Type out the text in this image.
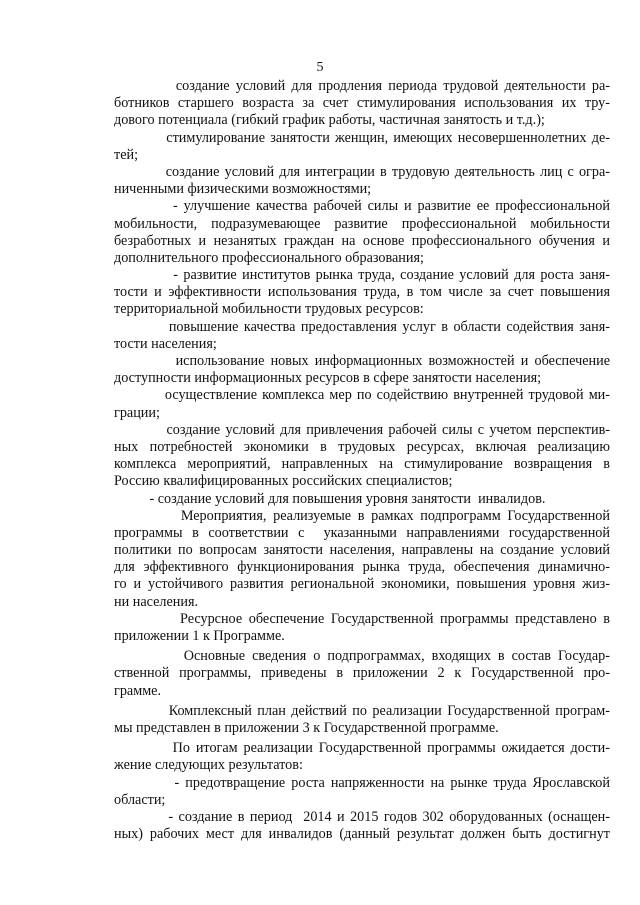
5
создание условий для продления периода трудовой деятельности ра-
ботников старшего возраста за счет стимулирования использования их тру-
дового потенциала (гибкий график работы, частичная занятость и т.д.);
стимулирование занятости женщин, имеющих несовершеннолетних де-
тей;
создание условий для интеграции в трудовую деятельность лиц с огра-
ниченными физическими возможностями;
- улучшение качества рабочей силы и развитие ее профессиональной
мобильности, подразумевающее развитие профессиональной мобильности
безработных и незанятых граждан на основе профессионального обучения и
дополнительного профессионального образования;
- развитие институтов рынка труда, создание условий для роста заня-
тости и эффективности использования труда, в том числе за счет повышения
территориальной мобильности трудовых ресурсов:
повышение качества предоставления услуг в области содействия заня-
тости населения;
использование новых информационных возможностей и обеспечение
доступности информационных ресурсов в сфере занятости населения;
осуществление комплекса мер по содействию внутренней трудовой ми-
грации;
создание условий для привлечения рабочей силы с учетом перспектив-
ных потребностей экономики в трудовых ресурсах, включая реализацию
комплекса мероприятий, направленных на стимулирование возвращения в
Россию квалифицированных российских специалистов;
- создание условий для повышения уровня занятости  инвалидов.
Мероприятия, реализуемые в рамках подпрограмм Государственной
программы в соответствии с  указанными направлениями государственной
политики по вопросам занятости населения, направлены на создание условий
для эффективного функционирования рынка труда, обеспечения динамично-
го и устойчивого развития региональной экономики, повышения уровня жиз-
ни населения.
Ресурсное обеспечение Государственной программы представлено в
приложении 1 к Программе.
Основные сведения о подпрограммах, входящих в состав Государ-
ственной программы, приведены в приложении 2 к Государственной про-
грамме.
Комплексный план действий по реализации Государственной програм-
мы представлен в приложении 3 к Государственной программе.
По итогам реализации Государственной программы ожидается дости-
жение следующих результатов:
- предотвращение роста напряженности на рынке труда Ярославской
области;
- создание в период  2014 и 2015 годов 302 оборудованных (оснащен-
ных) рабочих мест для инвалидов (данный результат должен быть достигнут
